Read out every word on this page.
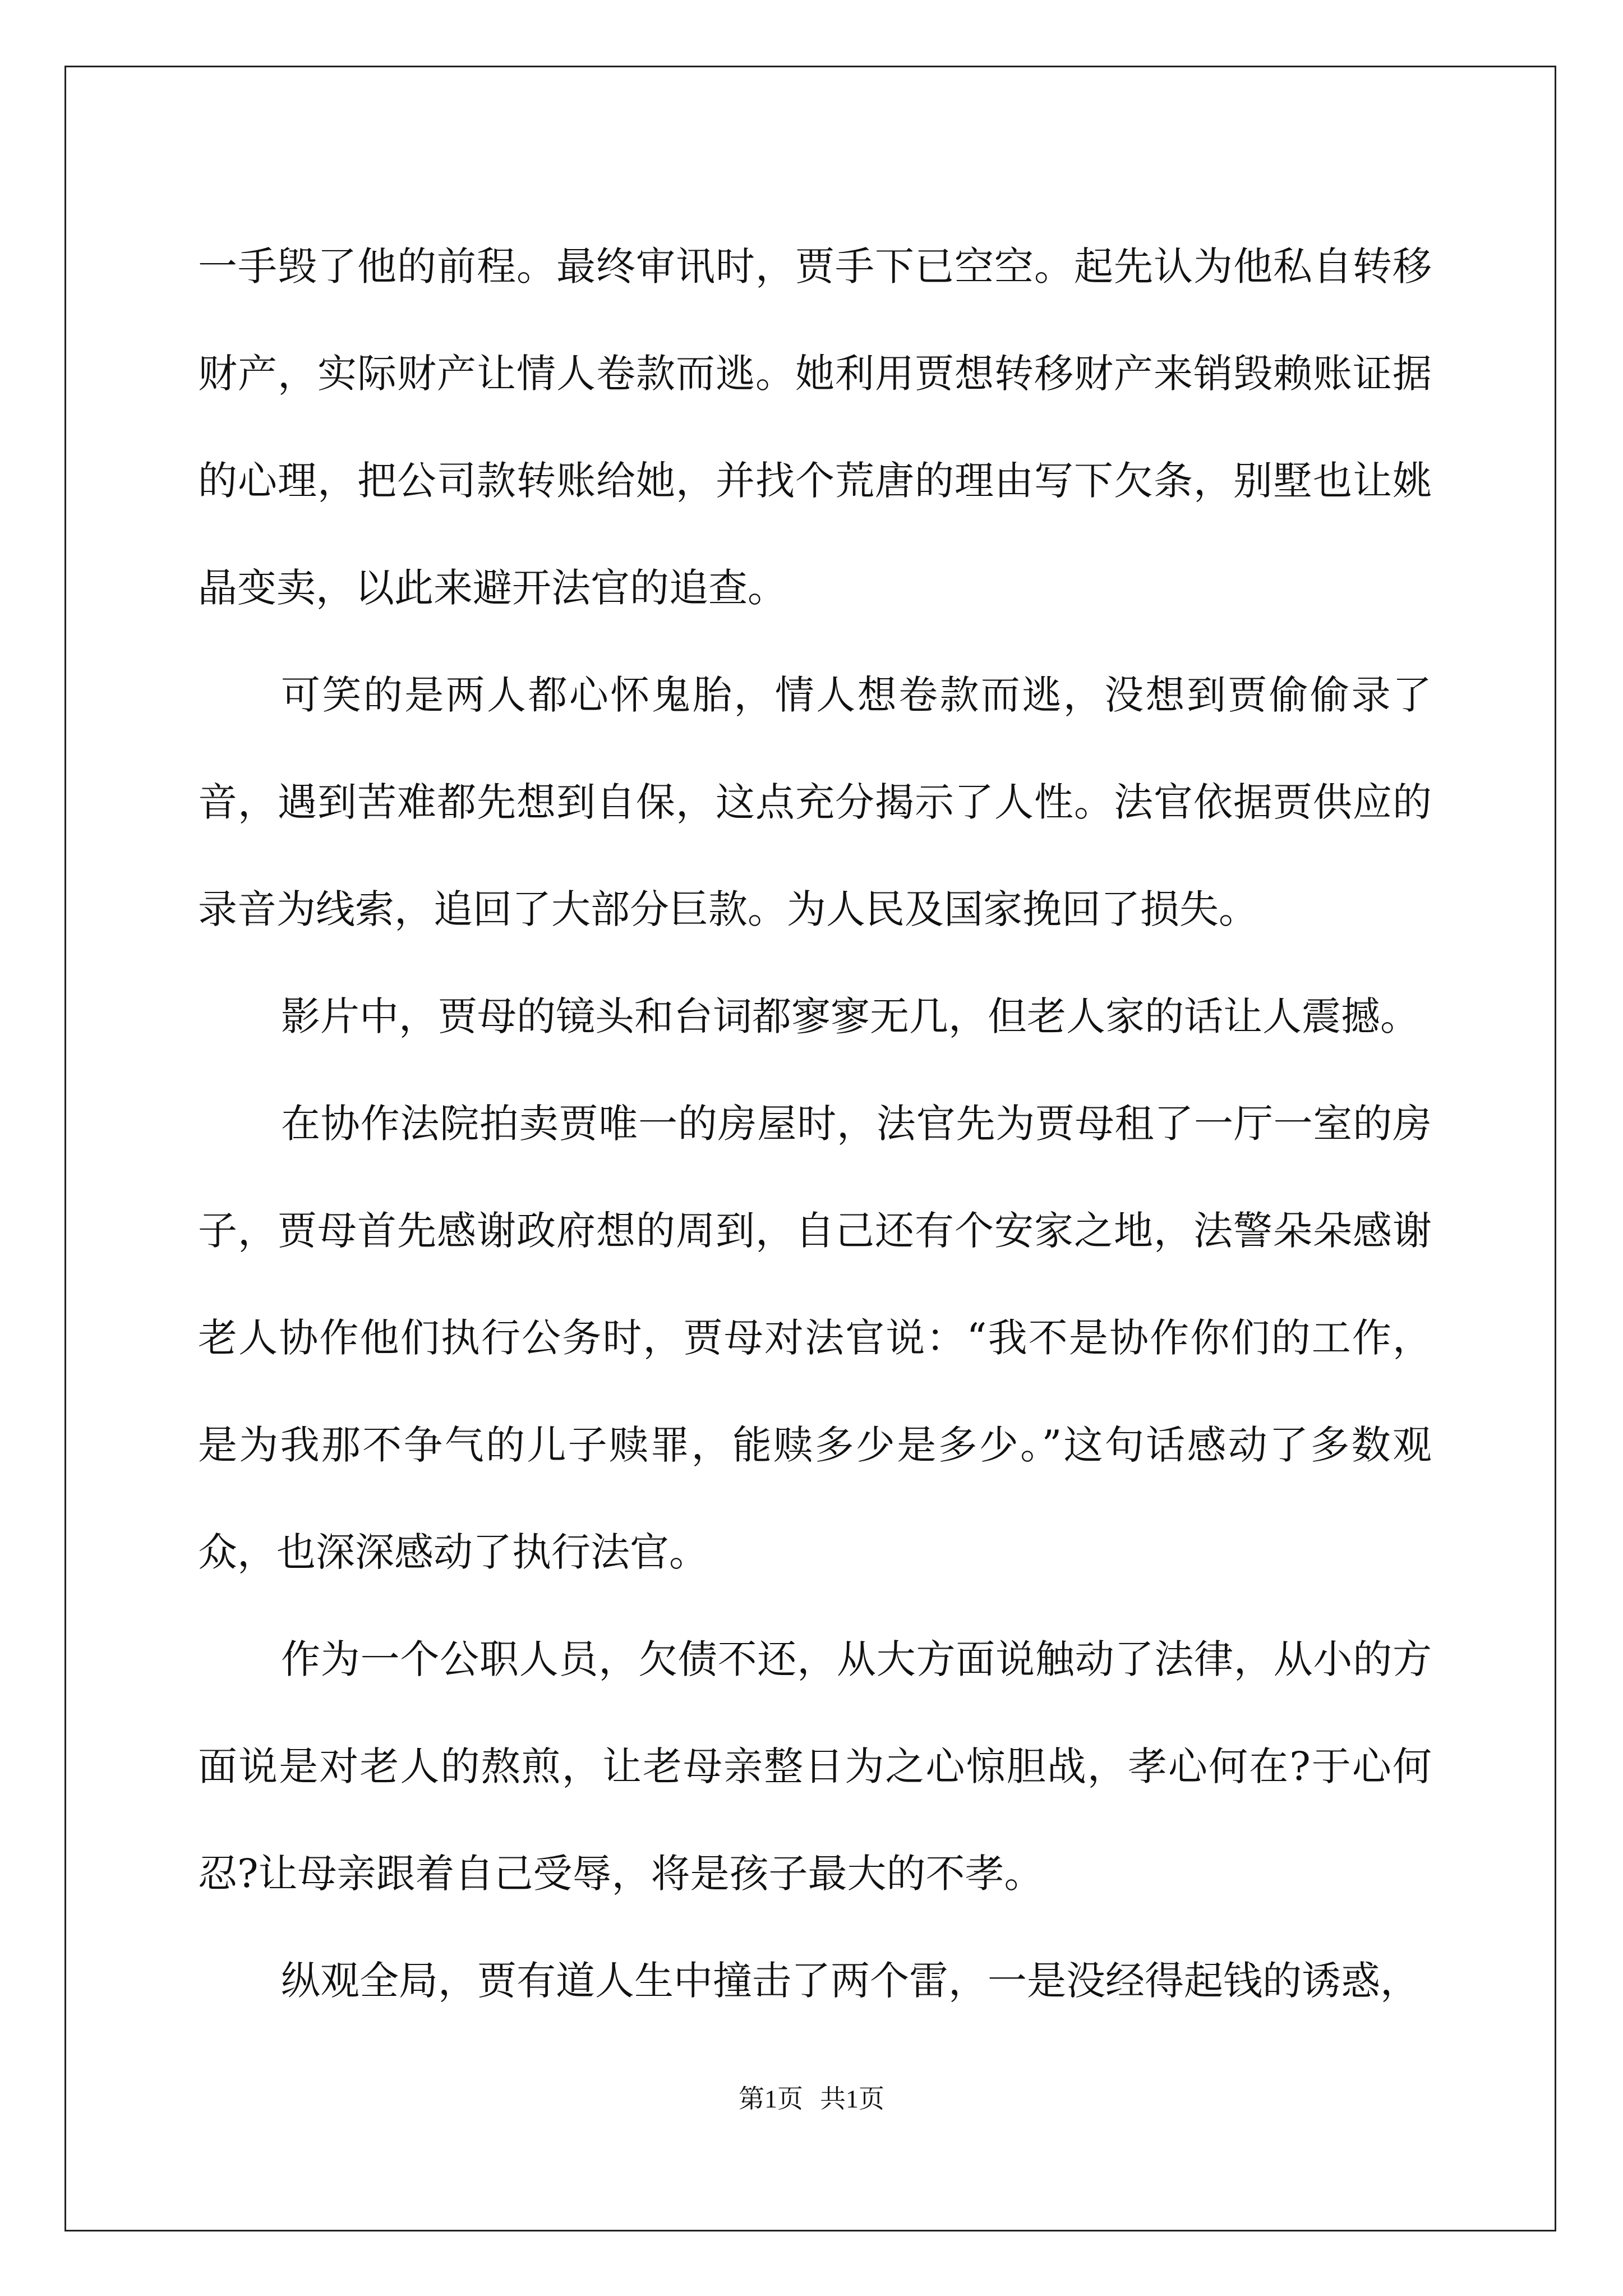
一手毁了他的前程。最终审讯时，贾手下已空空。起先认为他私自转移财产，实际财产让情人卷款而逃。她利用贾想转移财产来销毁赖账证据的心理，把公司款转账给她，并找个荒唐的理由写下欠条，别墅也让姚晶变卖，以此来避开法官的追查。

可笑的是两人都心怀鬼胎，情人想卷款而逃，没想到贾偷偷录了音，遇到苦难都先想到自保，这点充分揭示了人性。法官依据贾供应的录音为线索，追回了大部分巨款。为人民及国家挽回了损失。

影片中，贾母的镜头和台词都寥寥无几，但老人家的话让人震撼。

在协作法院拍卖贾唯一的房屋时，法官先为贾母租了一厅一室的房子，贾母首先感谢政府想的周到，自己还有个安家之地，法警朵朵感谢老人协作他们执行公务时，贾母对法官说：“我不是协作你们的工作，是为我那不争气的儿子赎罪，能赎多少是多少。”这句话感动了多数观众，也深深感动了执行法官。

作为一个公职人员，欠债不还，从大方面说触动了法律，从小的方面说是对老人的熬煎，让老母亲整日为之心惊胆战，孝心何在?于心何忍?让母亲跟着自己受辱，将是孩子最大的不孝。

纵观全局，贾有道人生中撞击了两个雷，一是没经得起钱的诱惑，

第1页 共1页
